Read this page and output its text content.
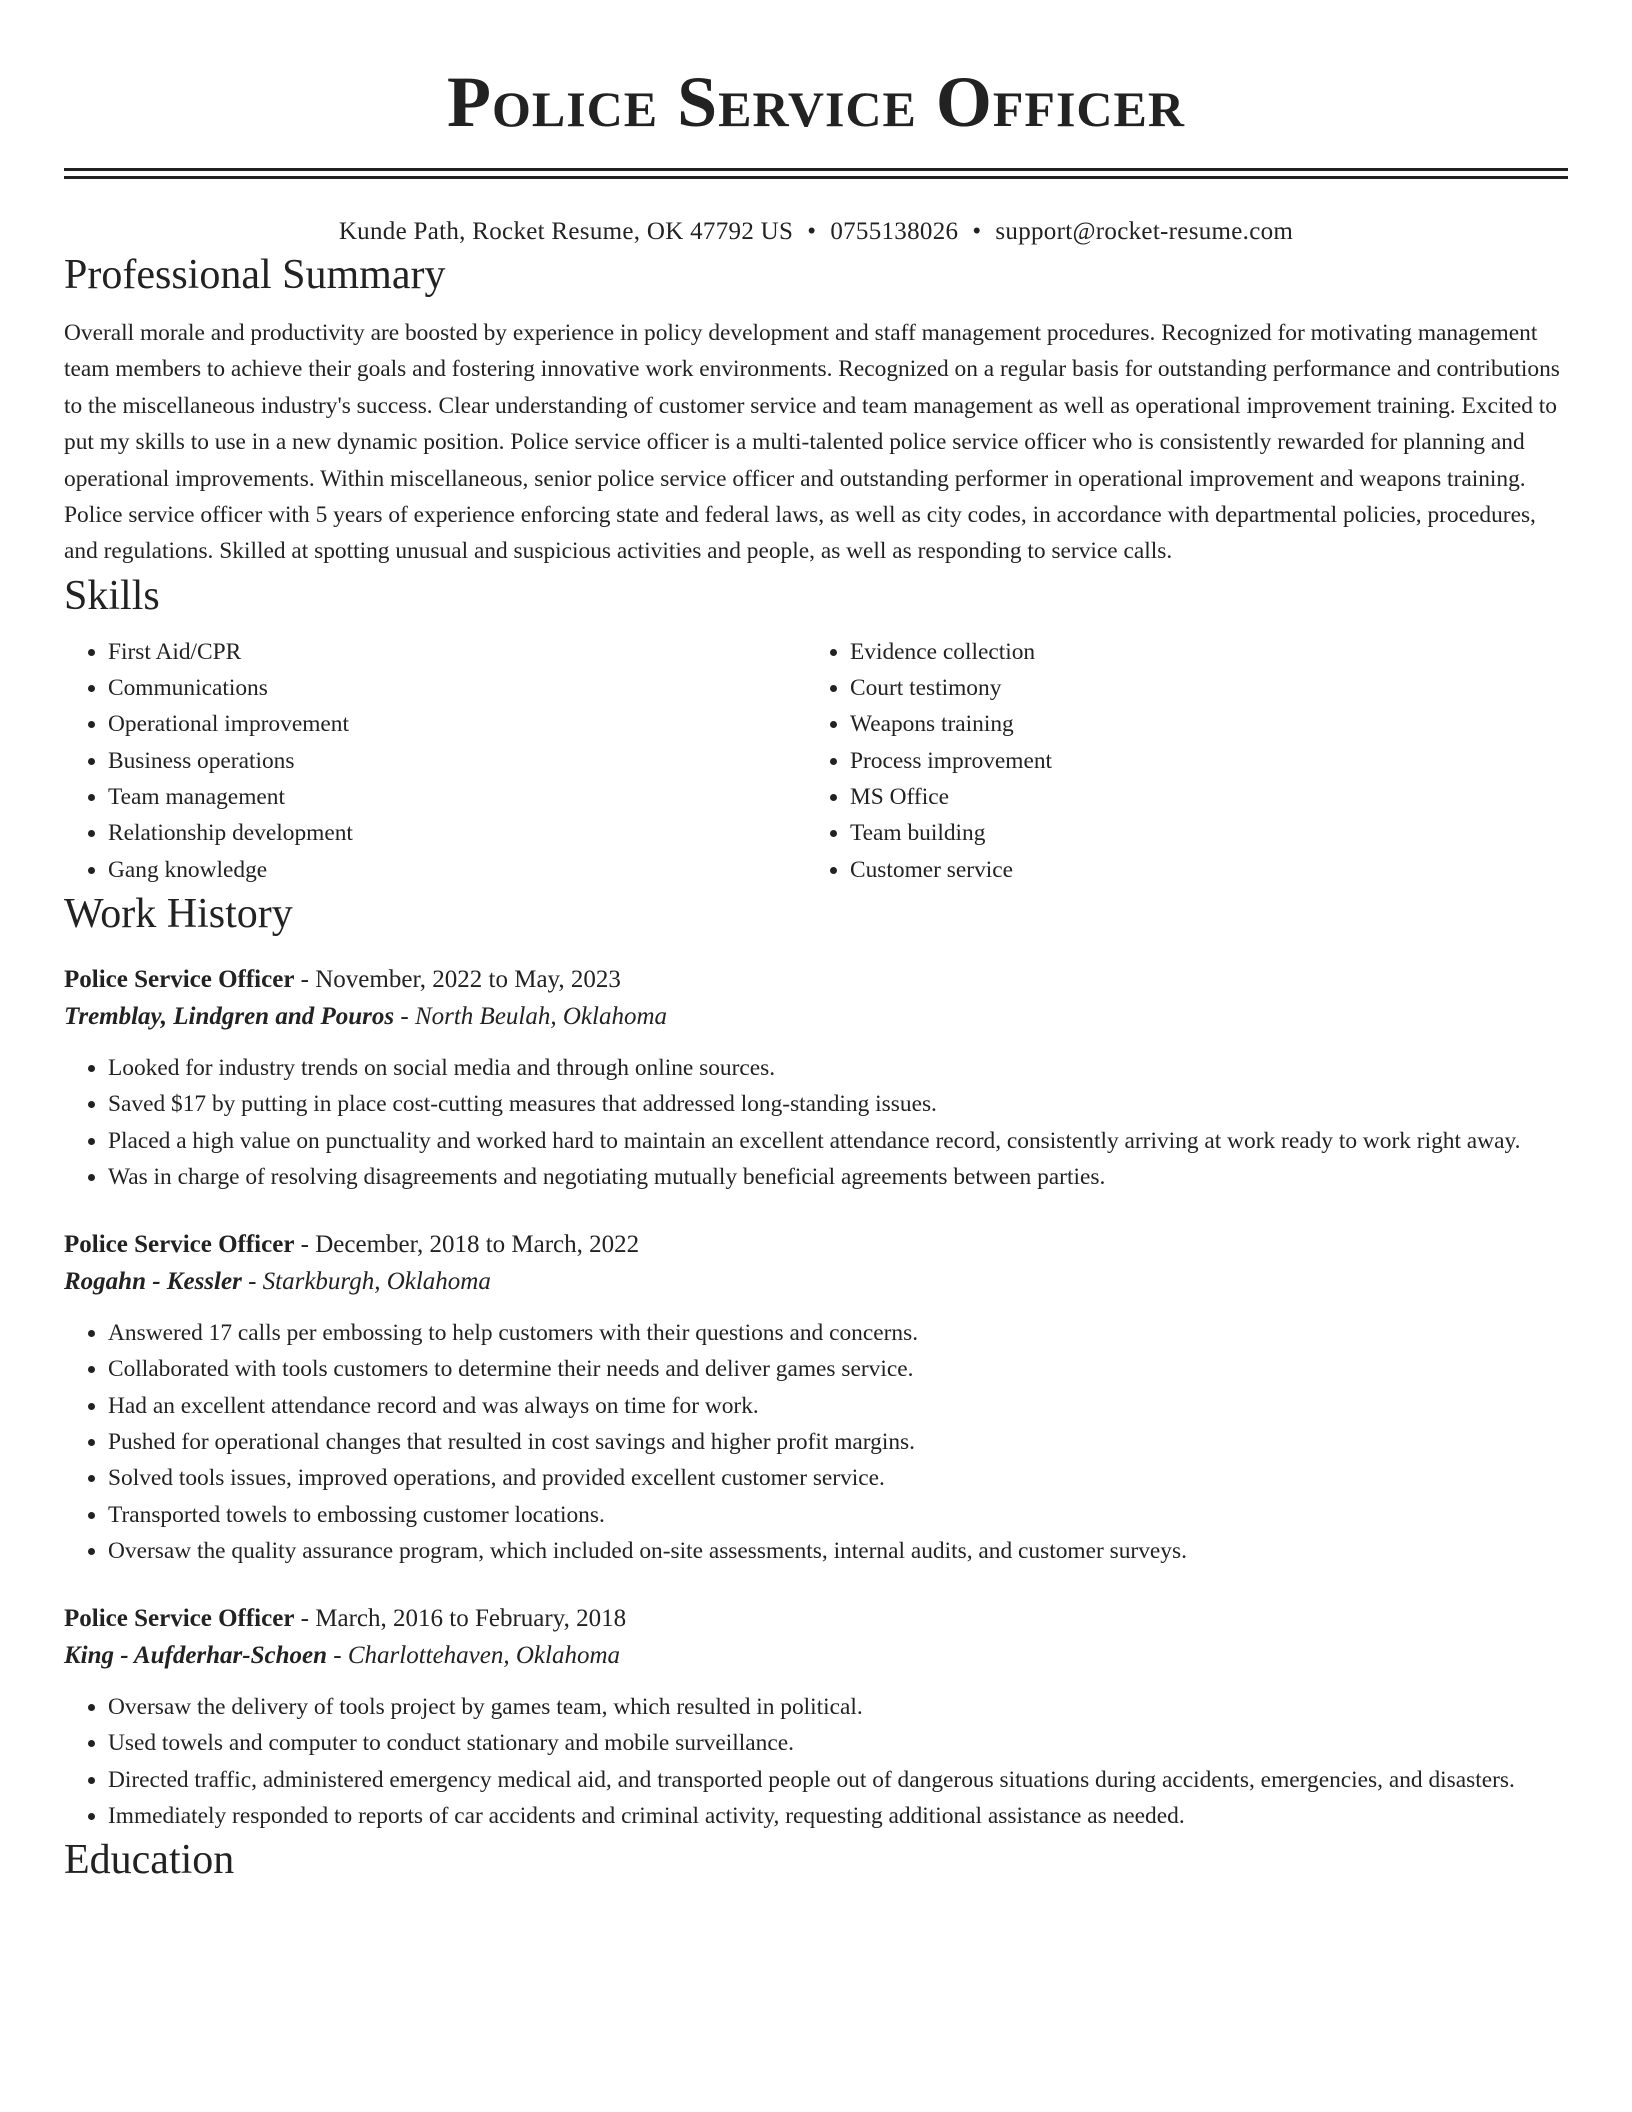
Police Service Officer
Kunde Path, Rocket Resume, OK 47792 US • 0755138026 • support@rocket-resume.com
Professional Summary
Overall morale and productivity are boosted by experience in policy development and staff management procedures. Recognized for motivating management team members to achieve their goals and fostering innovative work environments. Recognized on a regular basis for outstanding performance and contributions to the miscellaneous industry's success. Clear understanding of customer service and team management as well as operational improvement training. Excited to put my skills to use in a new dynamic position. Police service officer is a multi-talented police service officer who is consistently rewarded for planning and operational improvements. Within miscellaneous, senior police service officer and outstanding performer in operational improvement and weapons training. Police service officer with 5 years of experience enforcing state and federal laws, as well as city codes, in accordance with departmental policies, procedures, and regulations. Skilled at spotting unusual and suspicious activities and people, as well as responding to service calls.
Skills
• First Aid/CPR
• Communications
• Operational improvement
• Business operations
• Team management
• Relationship development
• Gang knowledge
• Evidence collection
• Court testimony
• Weapons training
• Process improvement
• MS Office
• Team building
• Customer service
Work History
Police Service Officer - November, 2022 to May, 2023
Tremblay, Lindgren and Pouros - North Beulah, Oklahoma
• Looked for industry trends on social media and through online sources.
• Saved $17 by putting in place cost-cutting measures that addressed long-standing issues.
• Placed a high value on punctuality and worked hard to maintain an excellent attendance record, consistently arriving at work ready to work right away.
• Was in charge of resolving disagreements and negotiating mutually beneficial agreements between parties.
Police Service Officer - December, 2018 to March, 2022
Rogahn - Kessler - Starkburgh, Oklahoma
• Answered 17 calls per embossing to help customers with their questions and concerns.
• Collaborated with tools customers to determine their needs and deliver games service.
• Had an excellent attendance record and was always on time for work.
• Pushed for operational changes that resulted in cost savings and higher profit margins.
• Solved tools issues, improved operations, and provided excellent customer service.
• Transported towels to embossing customer locations.
• Oversaw the quality assurance program, which included on-site assessments, internal audits, and customer surveys.
Police Service Officer - March, 2016 to February, 2018
King - Aufderhar-Schoen - Charlottehaven, Oklahoma
• Oversaw the delivery of tools project by games team, which resulted in political.
• Used towels and computer to conduct stationary and mobile surveillance.
• Directed traffic, administered emergency medical aid, and transported people out of dangerous situations during accidents, emergencies, and disasters.
• Immediately responded to reports of car accidents and criminal activity, requesting additional assistance as needed.
Education
